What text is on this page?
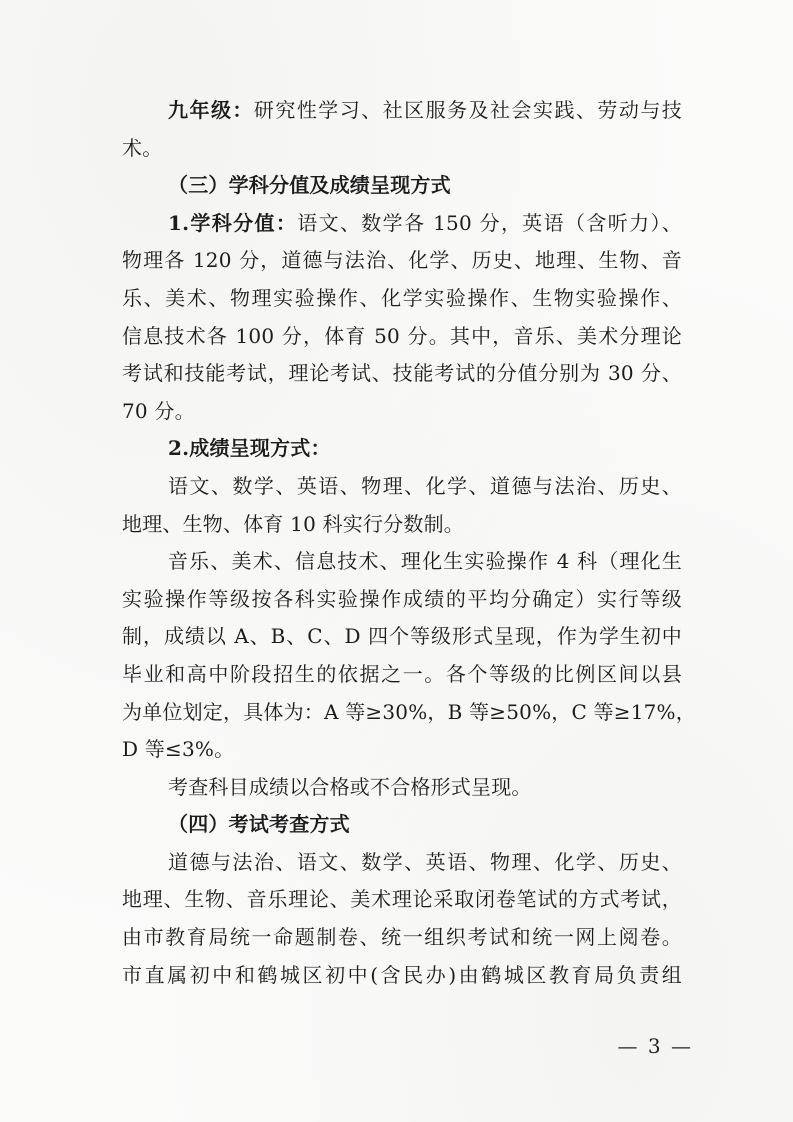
九年级：研究性学习、社区服务及社会实践、劳动与技
术。
（三）学科分值及成绩呈现方式
1.学科分值：语文、数学各 150 分，英语（含听力）、
物理各 120 分，道德与法治、化学、历史、地理、生物、音
乐、美术、物理实验操作、化学实验操作、生物实验操作、
信息技术各 100 分，体育 50 分。其中，音乐、美术分理论
考试和技能考试，理论考试、技能考试的分值分别为 30 分、
70 分。
2.成绩呈现方式：
语文、数学、英语、物理、化学、道德与法治、历史、
地理、生物、体育 10 科实行分数制。
音乐、美术、信息技术、理化生实验操作 4 科（理化生
实验操作等级按各科实验操作成绩的平均分确定）实行等级
制，成绩以 A、B、C、D 四个等级形式呈现，作为学生初中
毕业和高中阶段招生的依据之一。各个等级的比例区间以县
为单位划定，具体为：A 等≥30%，B 等≥50%，C 等≥17%，
D 等≤3%。
考查科目成绩以合格或不合格形式呈现。
（四）考试考查方式
道德与法治、语文、数学、英语、物理、化学、历史、
地理、生物、音乐理论、美术理论采取闭卷笔试的方式考试，
由市教育局统一命题制卷、统一组织考试和统一网上阅卷。
市直属初中和鹤城区初中(含民办)由鹤城区教育局负责组
— 3 —
